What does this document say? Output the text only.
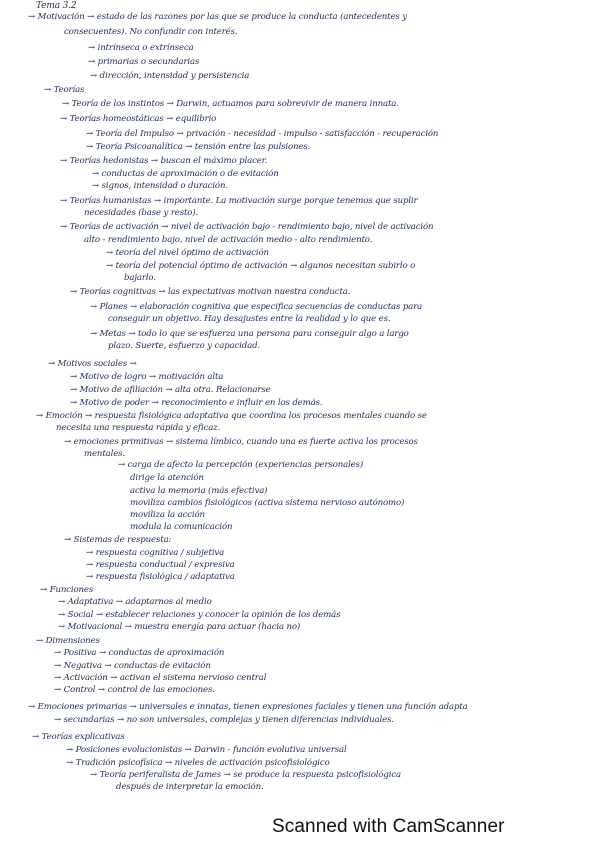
Tema 3.2
→ Motivación → estado de las razones por las que se produce la conducta (antecedentes y
consecuentes). No confundir con interés.
→ intrínseca o extrínseca
→ primarias o secundarias
→ dirección, intensidad y persistencia
→ Teorías
→ Teoría de los instintos → Darwin, actuamos para sobrevivir de manera innata.
→ Teorías homeostáticas → equilibrio
→ Teoría del Impulso → privación - necesidad - impulso - satisfacción - recuperación
→ Teoría Psicoanalítica → tensión entre las pulsiones.
→ Teorías hedonistas → buscan el máximo placer.
→ conductas de aproximación o de evitación
→ signos, intensidad o duración.
→ Teorías humanistas → importante. La motivación surge porque tenemos que suplir
necesidades (base y resto).
→ Teorías de activación → nivel de activación bajo - rendimiento bajo, nivel de activación
alto - rendimiento bajo, nivel de activación medio - alto rendimiento.
→ teoría del nivel óptimo de activación
→ teoría del potencial óptimo de activación → algunos necesitan subirlo o
bajarlo.
→ Teorías cognitivas → las expectativas motivan nuestra conducta.
→ Planes → elaboración cognitiva que especifica secuencias de conductas para
conseguir un objetivo. Hay desajustes entre la realidad y lo que es.
→ Metas → todo lo que se esfuerza una persona para conseguir algo a largo
plazo. Suerte, esfuerzo y capacidad.
→ Motivos sociales →
→ Motivo de logro → motivación alta
→ Motivo de afiliación → alta otra. Relacionarse
→ Motivo de poder → reconocimiento e influir en los demás.
→ Emoción → respuesta fisiológica adaptativa que coordina los procesos mentales cuando se
necesita una respuesta rápida y eficaz.
→ emociones primitivas → sistema límbico, cuando una es fuerte activa los procesos
mentales.
→ carga de afecto la percepción (experiencias personales)
dirige la atención
activa la memoria (más efectiva)
moviliza cambios fisiológicos (activa sistema nervioso autónomo)
moviliza la acción
modula la comunicación
→ Sistemas de respuesta:
→ respuesta cognitiva / subjetiva
→ respuesta conductual / expresiva
→ respuesta fisiológica / adaptativa
→ Funciones
→ Adaptativa → adaptarnos al medio
→ Social → establecer relaciones y conocer la opinión de los demás
→ Motivacional → muestra energía para actuar (hacia no)
→ Dimensiones
→ Positiva → conductas de aproximación
→ Negativa → conductas de evitación
→ Activación → activan el sistema nervioso central
→ Control → control de las emociones.
→ Emociones primarias → universales e innatas, tienen expresiones faciales y tienen una función adapta
→ secundarias → no son universales, complejas y tienen diferencias individuales.
→ Teorías explicativas
→ Posiciones evolucionistas → Darwin - función evolutiva universal
→ Tradición psicofísica → niveles de activación psicofisiológico
→ Teoría periferalista de James → se produce la respuesta psicofisiológica
después de interpretar la emoción.
Scanned with CamScanner
